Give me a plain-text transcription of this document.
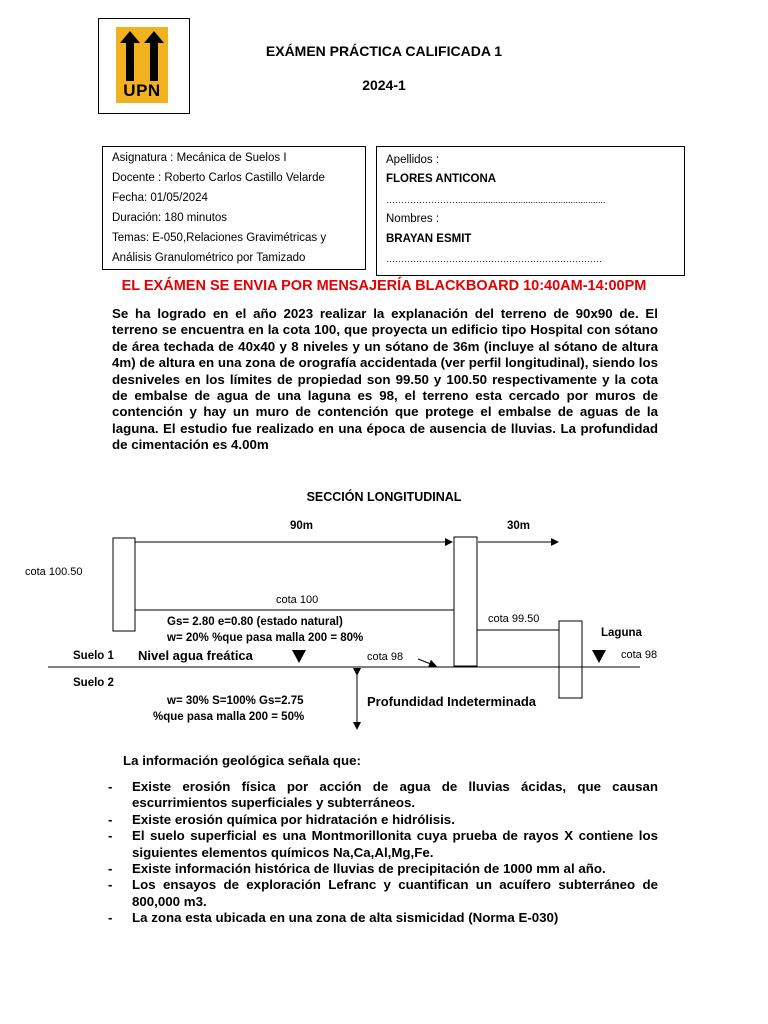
UPN
EXÁMEN PRÁCTICA CALIFICADA 1
2024-1
Asignatura : Mecánica de Suelos I
Docente : Roberto Carlos Castillo Velarde
Fecha: 01/05/2024
Duración: 180 minutos
Temas: E-050,Relaciones Gravimétricas y
Análisis Granulométrico por Tamizado
Apellidos :
FLORES ANTICONA
……………………...........................................................
Nombres :
BRAYAN ESMIT
………………………………………………………………
EL EXÁMEN SE ENVIA POR MENSAJERÍA BLACKBOARD 10:40AM-14:00PM
Se ha logrado en el año 2023 realizar la explanación del terreno de 90x90 de. El terreno se encuentra en la cota 100, que proyecta un edificio tipo Hospital con sótano de área techada de 40x40 y 8 niveles y un sótano de 36m (incluye al sótano de altura 4m) de altura en una zona de orografía accidentada (ver perfil longitudinal), siendo los desniveles en los límites de propiedad son 99.50 y 100.50 respectivamente y la cota de embalse de agua de una laguna es 98, el terreno esta cercado por muros de contención y hay un muro de contención que protege el embalse de aguas de la laguna. El estudio fue realizado en una época de ausencia de lluvias. La profundidad de cimentación es 4.00m
SECCIÓN LONGITUDINAL
90m	30m
cota 100.50
cota 100
cota 99.50
Gs= 2.80 e=0.80 (estado natural)
w= 20% %que pasa malla 200 = 80%	Laguna
Suelo 1 Nivel agua freática	cota 98	cota 98
Suelo 2
w= 30% S=100% Gs=2.75
%que pasa malla 200 = 50%
Profundidad Indeterminada
La información geológica señala que:
- Existe erosión física por acción de agua de lluvias ácidas, que causan escurrimientos superficiales y subterráneos.
- Existe erosión química por hidratación e hidrólisis.
- El suelo superficial es una Montmorillonita cuya prueba de rayos X contiene los siguientes elementos químicos Na,Ca,Al,Mg,Fe.
- Existe información histórica de lluvias de precipitación de 1000 mm al año.
- Los ensayos de exploración Lefranc y cuantifican un acuífero subterráneo de 800,000 m3.
- La zona esta ubicada en una zona de alta sismicidad (Norma E-030)
